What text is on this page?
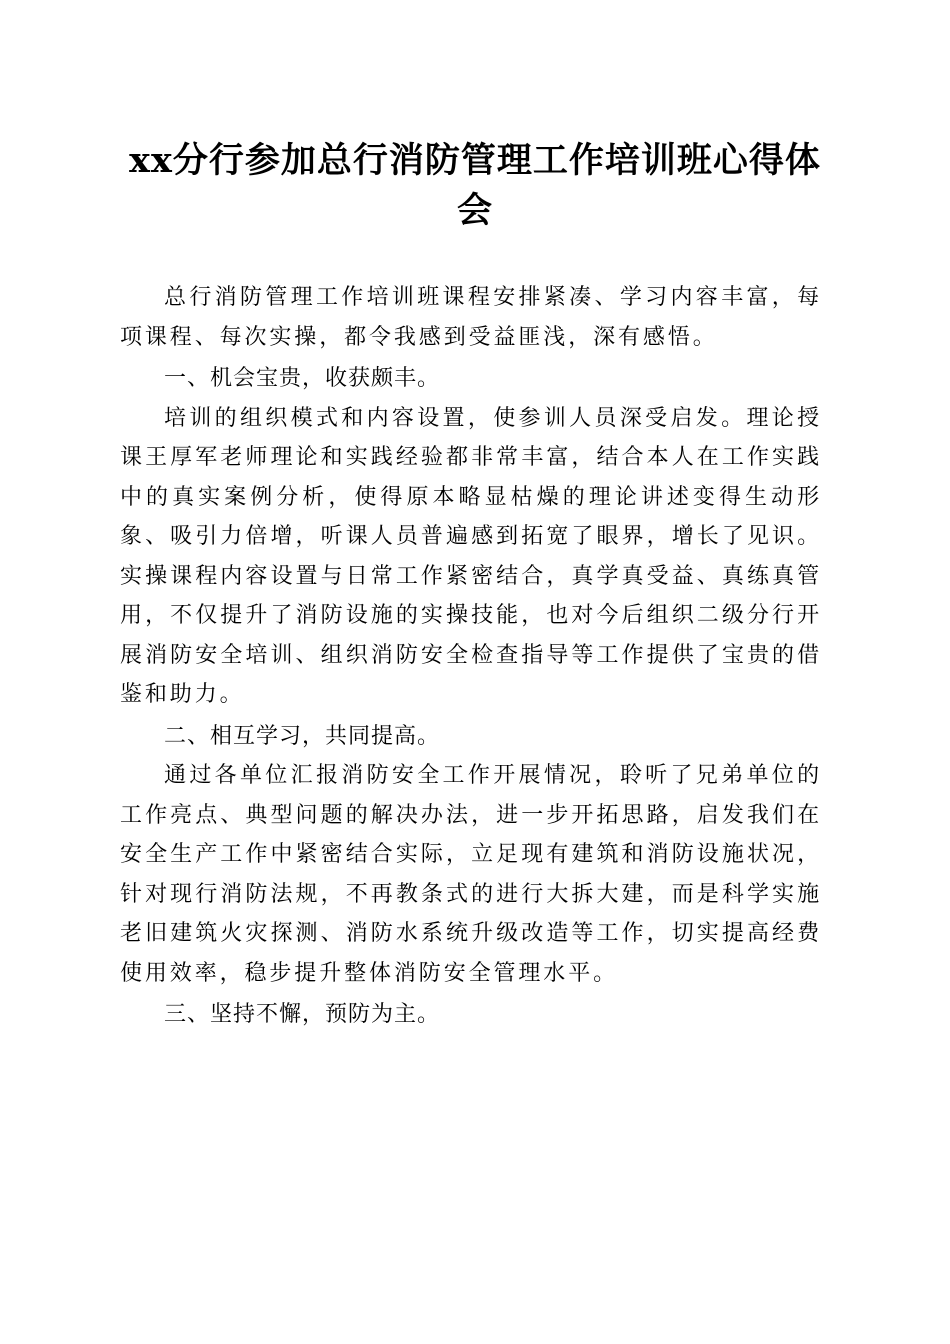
xx分行参加总行消防管理工作培训班心得体会

总行消防管理工作培训班课程安排紧凑、学习内容丰富，每项课程、每次实操，都令我感到受益匪浅，深有感悟。

一、机会宝贵，收获颇丰。

培训的组织模式和内容设置，使参训人员深受启发。理论授课王厚军老师理论和实践经验都非常丰富，结合本人在工作实践中的真实案例分析，使得原本略显枯燥的理论讲述变得生动形象、吸引力倍增，听课人员普遍感到拓宽了眼界，增长了见识。实操课程内容设置与日常工作紧密结合，真学真受益、真练真管用，不仅提升了消防设施的实操技能，也对今后组织二级分行开展消防安全培训、组织消防安全检查指导等工作提供了宝贵的借鉴和助力。

二、相互学习，共同提高。

通过各单位汇报消防安全工作开展情况，聆听了兄弟单位的工作亮点、典型问题的解决办法，进一步开拓思路，启发我们在安全生产工作中紧密结合实际，立足现有建筑和消防设施状况，针对现行消防法规，不再教条式的进行大拆大建，而是科学实施老旧建筑火灾探测、消防水系统升级改造等工作，切实提高经费使用效率，稳步提升整体消防安全管理水平。

三、坚持不懈，预防为主。
